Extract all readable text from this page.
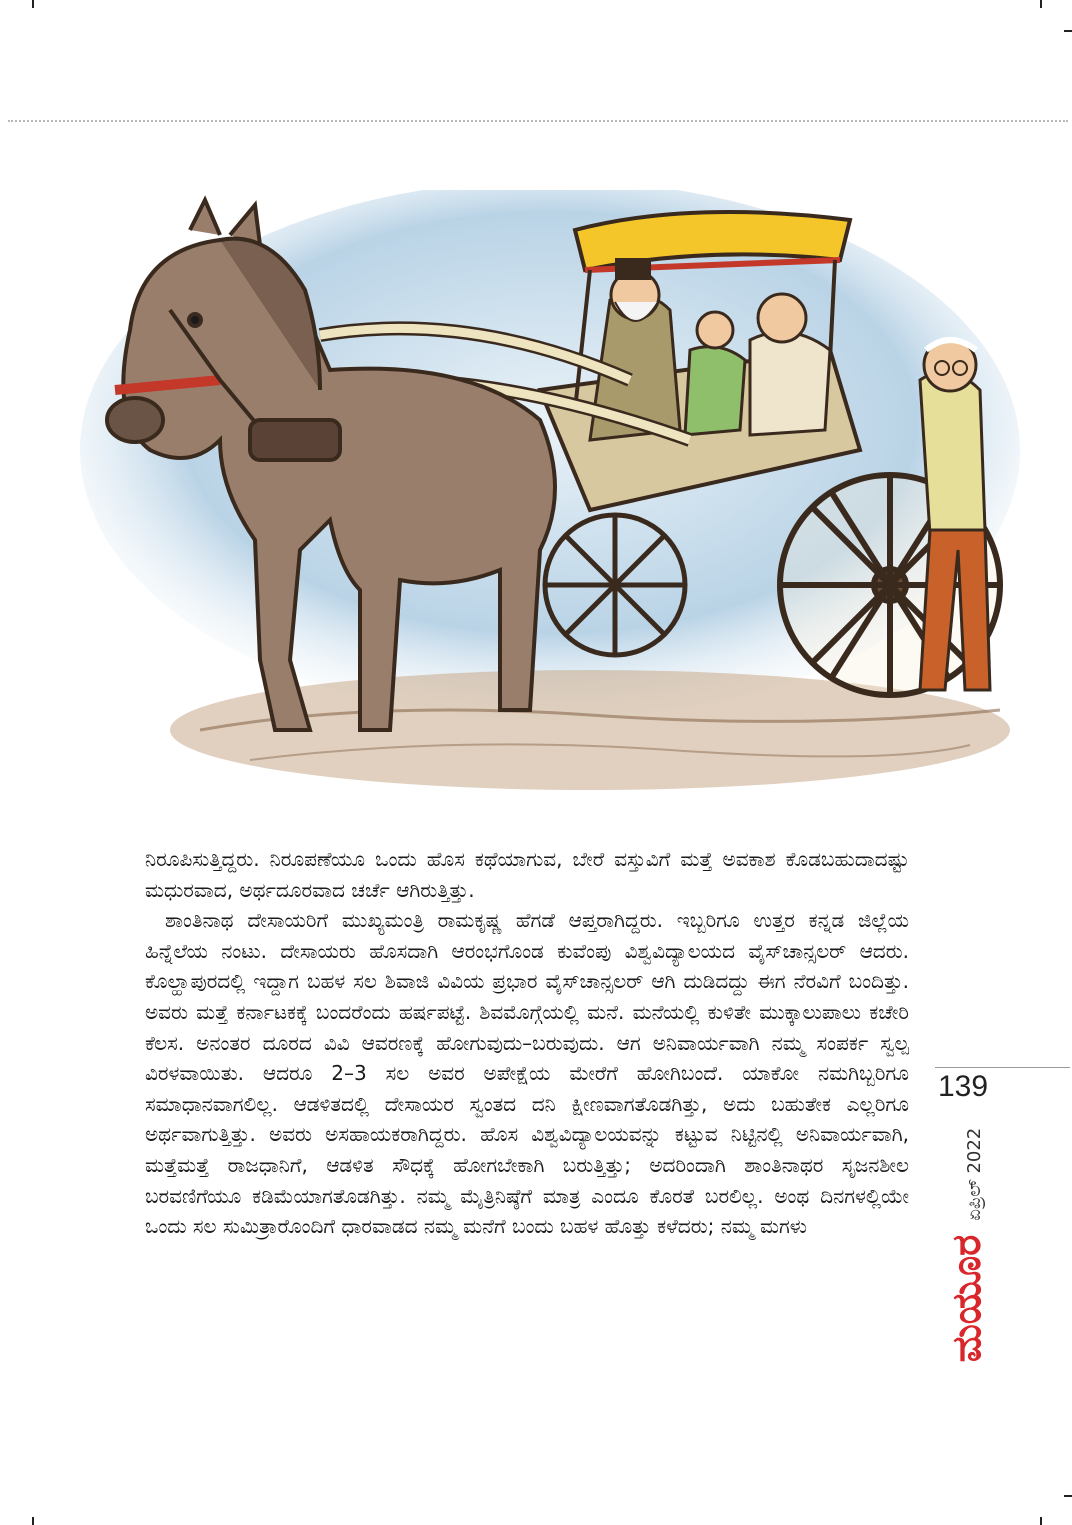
ನಿರೂಪಿಸುತ್ತಿದ್ದರು. ನಿರೂಪಣೆಯೂ ಒಂದು ಹೊಸ ಕಥೆಯಾಗುವ, ಬೇರೆ ವಸ್ತುವಿಗೆ ಮತ್ತೆ ಅವಕಾಶ ಕೊಡಬಹುದಾದಷ್ಟು ಮಧುರವಾದ, ಅರ್ಥದೂರವಾದ ಚರ್ಚೆ ಆಗಿರುತ್ತಿತ್ತು.

ಶಾಂತಿನಾಥ ದೇಸಾಯರಿಗೆ ಮುಖ್ಯಮಂತ್ರಿ ರಾಮಕೃಷ್ಣ ಹೆಗಡೆ ಆಪ್ತರಾಗಿದ್ದರು. ಇಬ್ಬರಿಗೂ ಉತ್ತರ ಕನ್ನಡ ಜಿಲ್ಲೆಯ ಹಿನ್ನೆಲೆಯ ನಂಟು. ದೇಸಾಯರು ಹೊಸದಾಗಿ ಆರಂಭಗೊಂಡ ಕುವೆಂಪು ವಿಶ್ವವಿದ್ಯಾಲಯದ ವೈಸ್‌ಚಾನ್ಸಲರ್ ಆದರು. ಕೊಲ್ಹಾಪುರದಲ್ಲಿ ಇದ್ದಾಗ ಬಹಳ ಸಲ ಶಿವಾಜಿ ವಿವಿಯ ಪ್ರಭಾರ ವೈಸ್‌ಚಾನ್ಸಲರ್ ಆಗಿ ದುಡಿದದ್ದು ಈಗ ನೆರವಿಗೆ ಬಂದಿತ್ತು. ಅವರು ಮತ್ತೆ ಕರ್ನಾಟಕಕ್ಕೆ ಬಂದರೆಂದು ಹರ್ಷಪಟ್ಟೆ. ಶಿವಮೊಗ್ಗೆಯಲ್ಲಿ ಮನೆ. ಮನೆಯಲ್ಲಿ ಕುಳಿತೇ ಮುಕ್ಕಾಲುಪಾಲು ಕಚೇರಿ ಕೆಲಸ. ಅನಂತರ ದೂರದ ವಿವಿ ಆವರಣಕ್ಕೆ ಹೋಗುವುದು–ಬರುವುದು. ಆಗ ಅನಿವಾರ್ಯವಾಗಿ ನಮ್ಮ ಸಂಪರ್ಕ ಸ್ವಲ್ಪ ವಿರಳವಾಯಿತು. ಆದರೂ 2–3 ಸಲ ಅವರ ಅಪೇಕ್ಷೆಯ ಮೇರೆಗೆ ಹೋಗಿಬಂದೆ. ಯಾಕೋ ನಮಗಿಬ್ಬರಿಗೂ ಸಮಾಧಾನವಾಗಲಿಲ್ಲ. ಆಡಳಿತದಲ್ಲಿ ದೇಸಾಯರ ಸ್ವಂತದ ದನಿ ಕ್ಷೀಣವಾಗತೊಡಗಿತ್ತು, ಅದು ಬಹುತೇಕ ಎಲ್ಲರಿಗೂ ಅರ್ಥವಾಗುತ್ತಿತ್ತು. ಅವರು ಅಸಹಾಯಕರಾಗಿದ್ದರು. ಹೊಸ ವಿಶ್ವವಿದ್ಯಾಲಯವನ್ನು ಕಟ್ಟುವ ನಿಟ್ಟಿನಲ್ಲಿ ಅನಿವಾರ್ಯವಾಗಿ, ಮತ್ತೆಮತ್ತೆ ರಾಜಧಾನಿಗೆ, ಆಡಳಿತ ಸೌಧಕ್ಕೆ ಹೋಗಬೇಕಾಗಿ ಬರುತ್ತಿತ್ತು; ಅದರಿಂದಾಗಿ ಶಾಂತಿನಾಥರ ಸೃಜನಶೀಲ ಬರವಣಿಗೆಯೂ ಕಡಿಮೆಯಾಗತೊಡಗಿತ್ತು. ನಮ್ಮ ಮೈತ್ರಿನಿಷ್ಠೆಗೆ ಮಾತ್ರ ಎಂದೂ ಕೊರತೆ ಬರಲಿಲ್ಲ. ಅಂಥ ದಿನಗಳಲ್ಲಿಯೇ ಒಂದು ಸಲ ಸುಮಿತ್ರಾರೊಂದಿಗೆ ಧಾರವಾಡದ ನಮ್ಮ ಮನೆಗೆ ಬಂದು ಬಹಳ ಹೊತ್ತು ಕಳೆದರು; ನಮ್ಮ ಮಗಳು

ಮಯೂರ
ಏಪ್ರಿಲ್ 2022
139
